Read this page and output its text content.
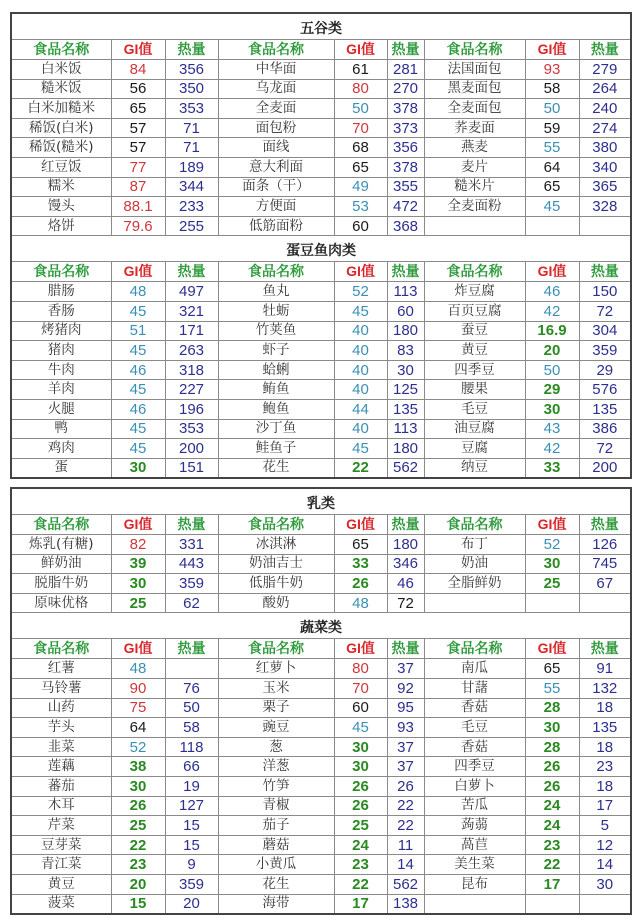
五谷类								
食品名称	GI值	热量	食品名称	GI值	热量	食品名称	GI值	热量
白米饭	84	356	中华面	61	281	法国面包	93	279
糙米饭	56	350	乌龙面	80	270	黑麦面包	58	264
白米加糙米	65	353	全麦面	50	378	全麦面包	50	240
稀饭(白米)	57	71	面包粉	70	373	荞麦面	59	274
稀饭(糙米)	57	71	面线	68	356	燕麦	55	380
红豆饭	77	189	意大利面	65	378	麦片	64	340
糯米	87	344	面条（干）	49	355	糙米片	65	365
馒头	88.1	233	方便面	53	472	全麦面粉	45	328
烙饼	79.6	255	低筋面粉	60	368			
蛋豆鱼肉类								
食品名称	GI值	热量	食品名称	GI值	热量	食品名称	GI值	热量
腊肠	48	497	鱼丸	52	113	炸豆腐	46	150
香肠	45	321	牡蛎	45	60	百页豆腐	42	72
烤猪肉	51	171	竹荚鱼	40	180	蚕豆	16.9	304
猪肉	45	263	虾子	40	83	黄豆	20	359
牛肉	46	318	蛤蜊	40	30	四季豆	50	29
羊肉	45	227	鲔鱼	40	125	腰果	29	576
火腿	46	196	鲍鱼	44	135	毛豆	30	135
鸭	45	353	沙丁鱼	40	113	油豆腐	43	386
鸡肉	45	200	鲑鱼子	45	180	豆腐	42	72
蛋	30	151	花生	22	562	纳豆	33	200
乳类								
食品名称	GI值	热量	食品名称	GI值	热量	食品名称	GI值	热量
炼乳(有糖)	82	331	冰淇淋	65	180	布丁	52	126
鲜奶油	39	443	奶油吉士	33	346	奶油	30	745
脱脂牛奶	30	359	低脂牛奶	26	46	全脂鲜奶	25	67
原味优格	25	62	酸奶	48	72			
蔬菜类								
食品名称	GI值	热量	食品名称	GI值	热量	食品名称	GI值	热量
红薯	48		红萝卜	80	37	南瓜	65	91
马铃薯	90	76	玉米	70	92	甘藷	55	132
山药	75	50	栗子	60	95	香菇	28	18
芋头	64	58	豌豆	45	93	毛豆	30	135
韭菜	52	118	葱	30	37	香菇	28	18
莲藕	38	66	洋葱	30	37	四季豆	26	23
蕃茄	30	19	竹笋	26	26	白萝卜	26	18
木耳	26	127	青椒	26	22	苦瓜	24	17
芹菜	25	15	茄子	25	22	蒟蒻	24	5
豆芽菜	22	15	蘑菇	24	11	萵苣	23	12
青江菜	23	9	小黄瓜	23	14	美生菜	22	14
黄豆	20	359	花生	22	562	昆布	17	30
菠菜	15	20	海带	17	138			
